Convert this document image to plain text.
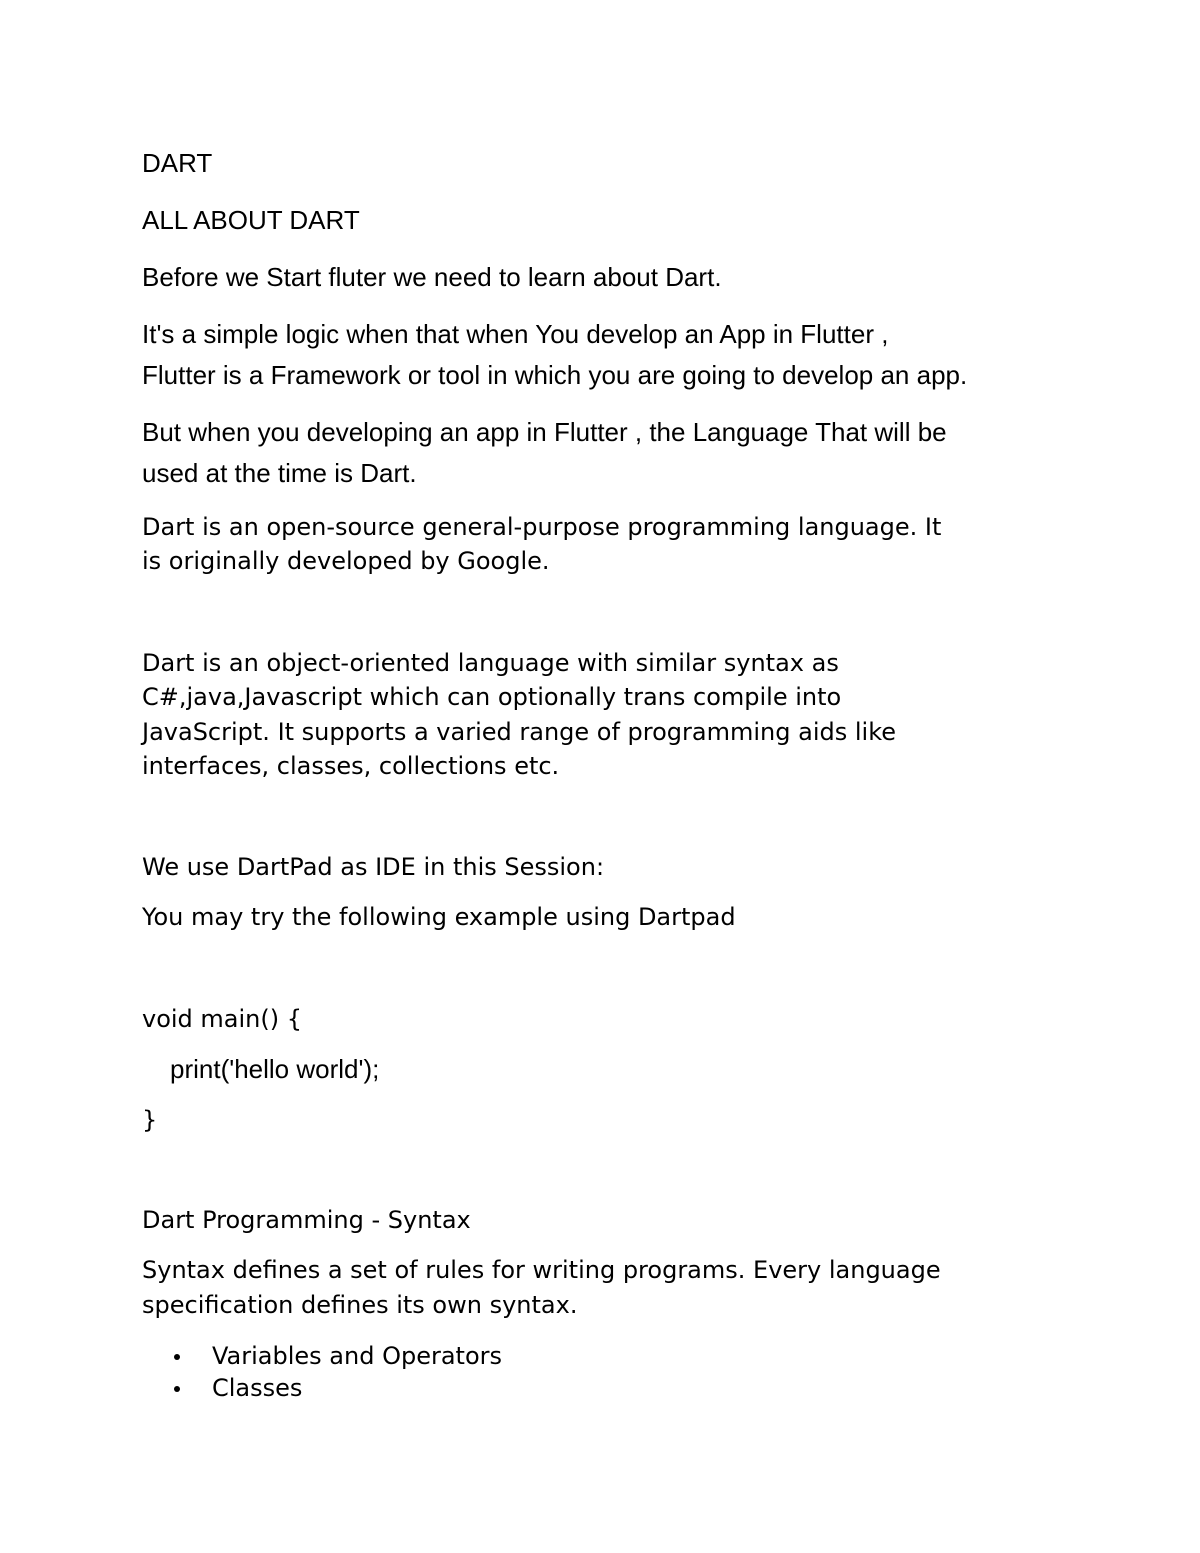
DART
ALL ABOUT DART
Before we Start fluter we need to learn about Dart.
It's a simple logic when that when You develop an App in Flutter ,
Flutter is a Framework or tool in which you are going to develop an app.
But when you developing an app in Flutter , the Language That will be
used at the time is Dart.
Dart is an open-source general-purpose programming language. It
is originally developed by Google.
Dart is an object-oriented language with similar syntax as
C#,java,Javascript which can optionally trans compile into
JavaScript. It supports a varied range of programming aids like
interfaces, classes, collections etc.
We use DartPad as IDE in this Session:
You may try the following example using Dartpad
void main() {
print('hello world');
}
Dart Programming - Syntax
Syntax defines a set of rules for writing programs. Every language
specification defines its own syntax.
Variables and Operators
Classes
